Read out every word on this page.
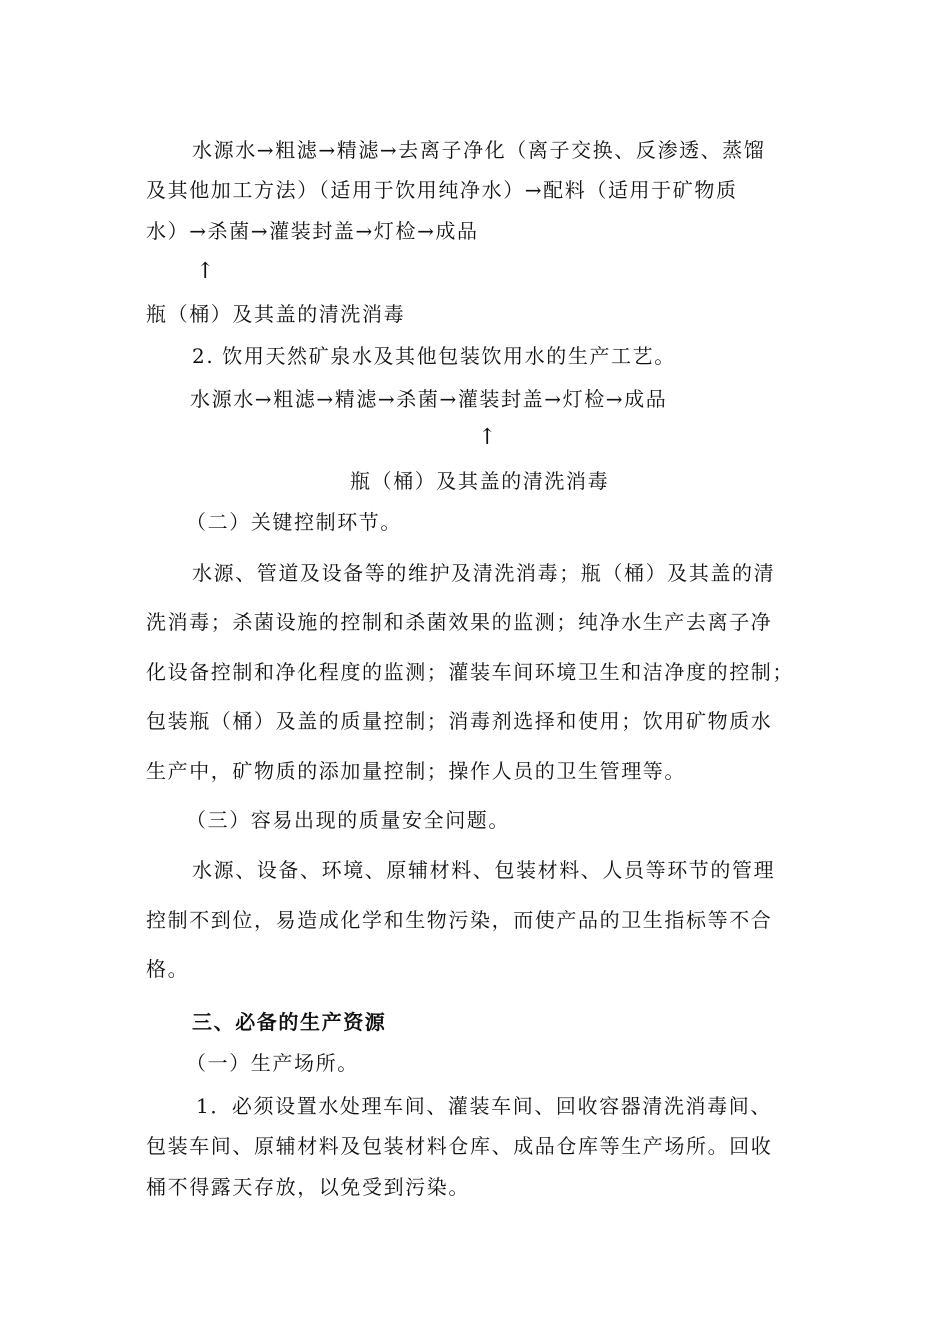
水源水→粗滤→精滤→去离子净化（离子交换、反渗透、蒸馏
及其他加工方法）（适用于饮用纯净水）→配料（适用于矿物质
水）→杀菌→灌装封盖→灯检→成品
↑
瓶（桶）及其盖的清洗消毒
2. 饮用天然矿泉水及其他包装饮用水的生产工艺。
水源水→粗滤→精滤→杀菌→灌装封盖→灯检→成品
↑
瓶（桶）及其盖的清洗消毒
（二）关键控制环节。
水源、管道及设备等的维护及清洗消毒；瓶（桶）及其盖的清
洗消毒；杀菌设施的控制和杀菌效果的监测；纯净水生产去离子净
化设备控制和净化程度的监测；灌装车间环境卫生和洁净度的控制；
包装瓶（桶）及盖的质量控制；消毒剂选择和使用；饮用矿物质水
生产中，矿物质的添加量控制；操作人员的卫生管理等。
（三）容易出现的质量安全问题。
水源、设备、环境、原辅材料、包装材料、人员等环节的管理
控制不到位，易造成化学和生物污染，而使产品的卫生指标等不合
格。
三、必备的生产资源
（一）生产场所。
1．必须设置水处理车间、灌装车间、回收容器清洗消毒间、
包装车间、原辅材料及包装材料仓库、成品仓库等生产场所。回收
桶不得露天存放，以免受到污染。
